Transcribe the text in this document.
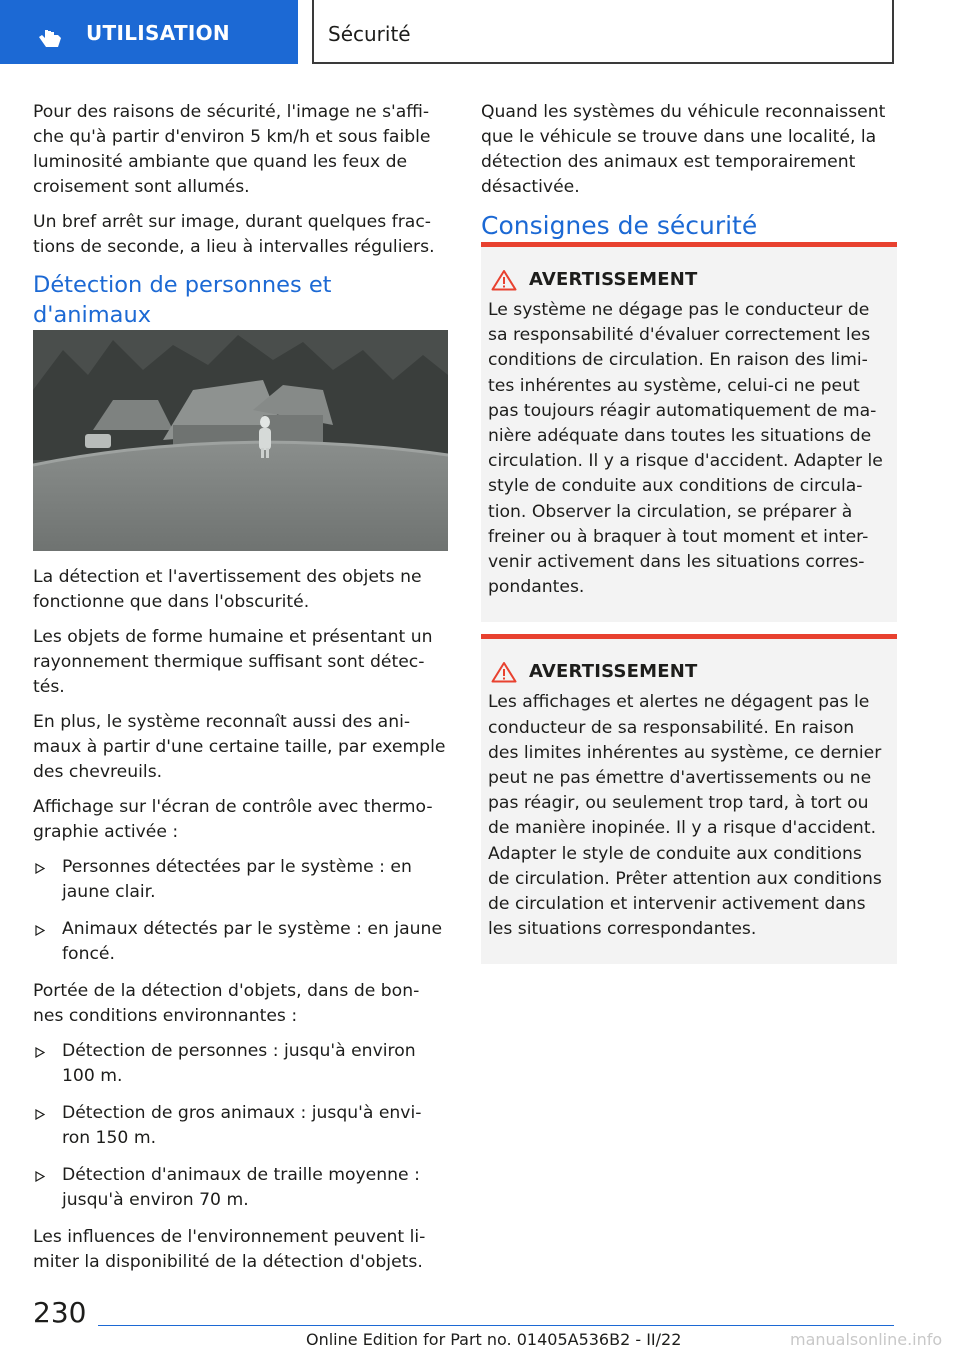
UTILISATION	Sécurité

Pour des raisons de sécurité, l'image ne s'affi-che qu'à partir d'environ 5 km/h et sous faible luminosité ambiante que quand les feux de croisement sont allumés.

Un bref arrêt sur image, durant quelques frac-tions de seconde, a lieu à intervalles réguliers.

Détection de personnes et d'animaux

La détection et l'avertissement des objets ne fonctionne que dans l'obscurité.

Les objets de forme humaine et présentant un rayonnement thermique suffisant sont détec-tés.

En plus, le système reconnaît aussi des ani-maux à partir d'une certaine taille, par exemple des chevreuils.

Affichage sur l'écran de contrôle avec thermo-graphie activée :

Personnes détectées par le système : en jaune clair.
Animaux détectés par le système : en jaune foncé.

Portée de la détection d'objets, dans de bon-nes conditions environnantes :

Détection de personnes : jusqu'à environ 100 m.
Détection de gros animaux : jusqu'à envi-ron 150 m.
Détection d'animaux de traille moyenne : jusqu'à environ 70 m.

Les influences de l'environnement peuvent li-miter la disponibilité de la détection d'objets.

Quand les systèmes du véhicule reconnaissent que le véhicule se trouve dans une localité, la détection des animaux est temporairement désactivée.

Consignes de sécurité
AVERTISSEMENT
Le système ne dégage pas le conducteur de sa responsabilité d'évaluer correctement les conditions de circulation. En raison des limi-tes inhérentes au système, celui-ci ne peut pas toujours réagir automatiquement de ma-nière adéquate dans toutes les situations de circulation. Il y a risque d'accident. Adapter le style de conduite aux conditions de circula-tion. Observer la circulation, se préparer à freiner ou à braquer à tout moment et inter-venir activement dans les situations corres-pondantes.
AVERTISSEMENT
Les affichages et alertes ne dégagent pas le conducteur de sa responsabilité. En raison des limites inhérentes au système, ce dernier peut ne pas émettre d'avertissements ou ne pas réagir, ou seulement trop tard, à tort ou de manière inopinée. Il y a risque d'accident. Adapter le style de conduite aux conditions de circulation. Prêter attention aux conditions de circulation et intervenir activement dans les situations correspondantes.
230
Online Edition for Part no. 01405A536B2 - II/22	manualsonline.info
